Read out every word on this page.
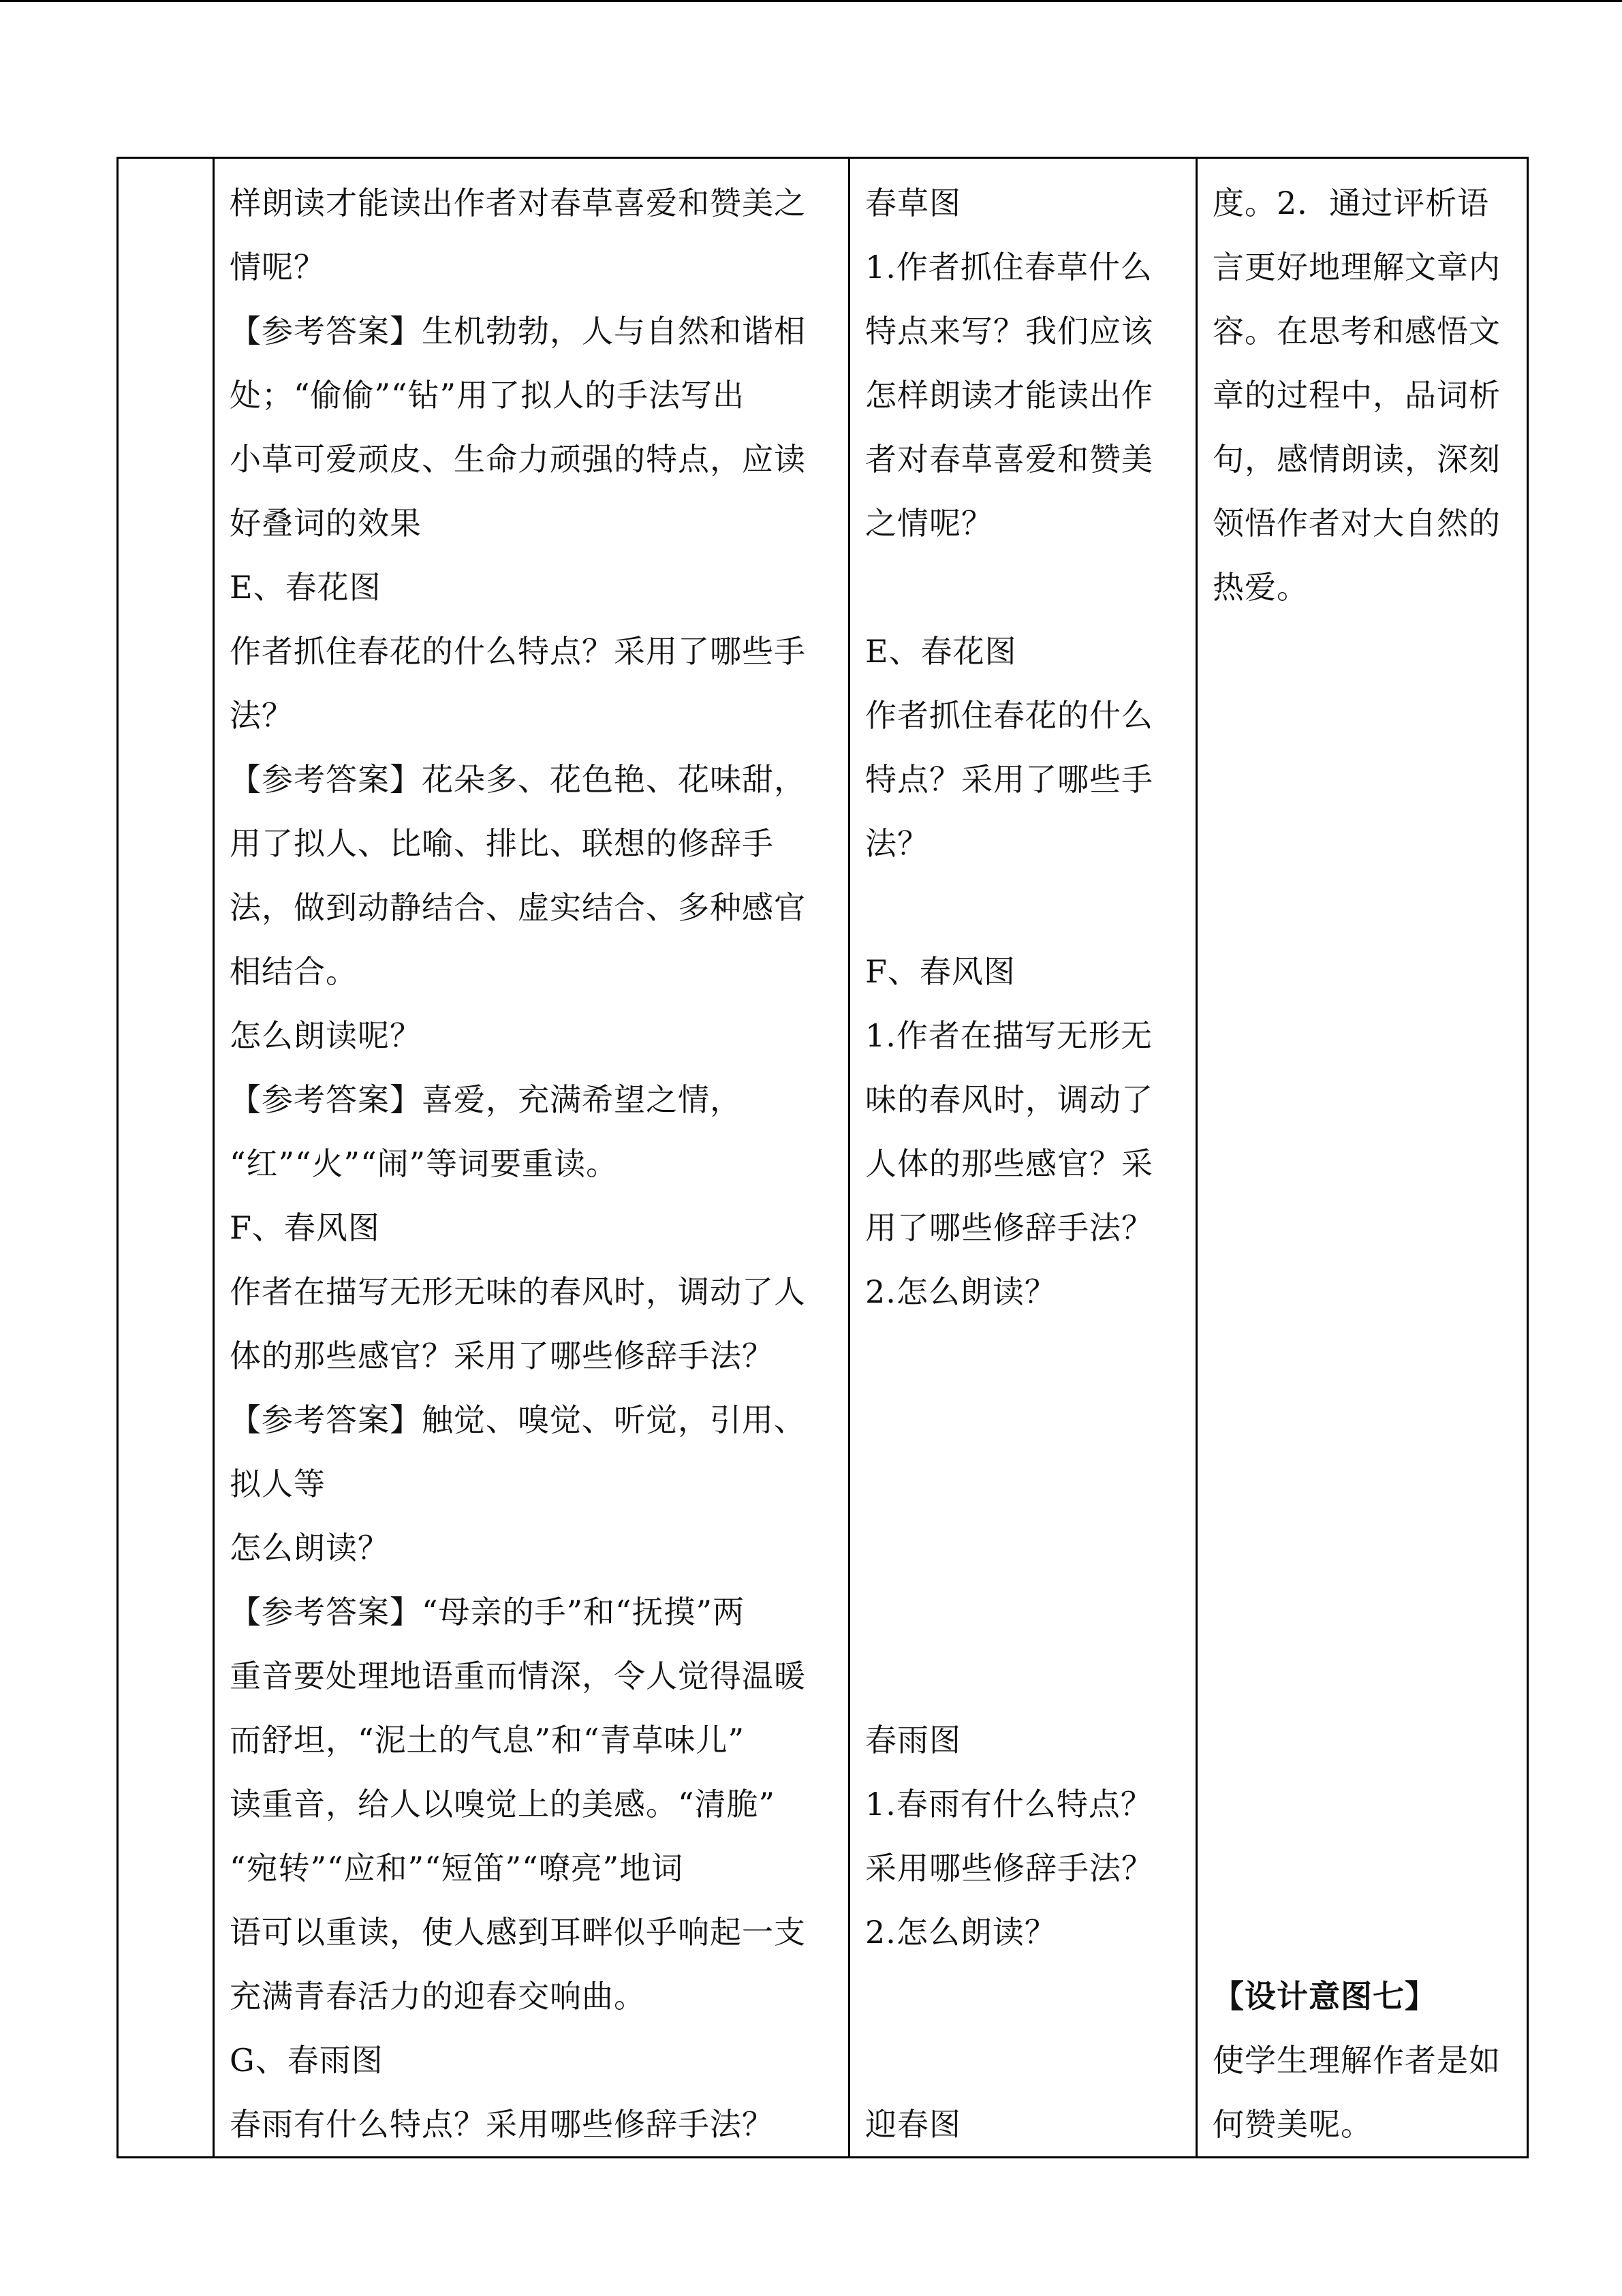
样朗读才能读出作者对春草喜爱和赞美之
情呢？
【参考答案】生机勃勃，人与自然和谐相
处；“偷偷”“钻”用了拟人的手法写出
小草可爱顽皮、生命力顽强的特点，应读
好叠词的效果
E、春花图
作者抓住春花的什么特点？采用了哪些手
法？
【参考答案】花朵多、花色艳、花味甜，
用了拟人、比喻、排比、联想的修辞手
法，做到动静结合、虚实结合、多种感官
相结合。
怎么朗读呢？
【参考答案】喜爱，充满希望之情，
“红”“火”“闹”等词要重读。
F、春风图
作者在描写无形无味的春风时，调动了人
体的那些感官？采用了哪些修辞手法？
【参考答案】触觉、嗅觉、听觉，引用、
拟人等
怎么朗读？
【参考答案】“母亲的手”和“抚摸”两
重音要处理地语重而情深，令人觉得温暖
而舒坦，“泥土的气息”和“青草味儿”
读重音，给人以嗅觉上的美感。“清脆”
“宛转”“应和”“短笛”“嘹亮”地词
语可以重读，使人感到耳畔似乎响起一支
充满青春活力的迎春交响曲。
G、春雨图
春雨有什么特点？采用哪些修辞手法？

春草图
1.作者抓住春草什么
特点来写？我们应该
怎样朗读才能读出作
者对春草喜爱和赞美
之情呢？
E、春花图
作者抓住春花的什么
特点？采用了哪些手
法？
F、春风图
1.作者在描写无形无
味的春风时，调动了
人体的那些感官？采
用了哪些修辞手法？
2.怎么朗读？
春雨图
1.春雨有什么特点？
采用哪些修辞手法？
2.怎么朗读？
迎春图

度。2．通过评析语
言更好地理解文章内
容。在思考和感悟文
章的过程中，品词析
句，感情朗读，深刻
领悟作者对大自然的
热爱。
【设计意图七】
使学生理解作者是如
何赞美呢。
